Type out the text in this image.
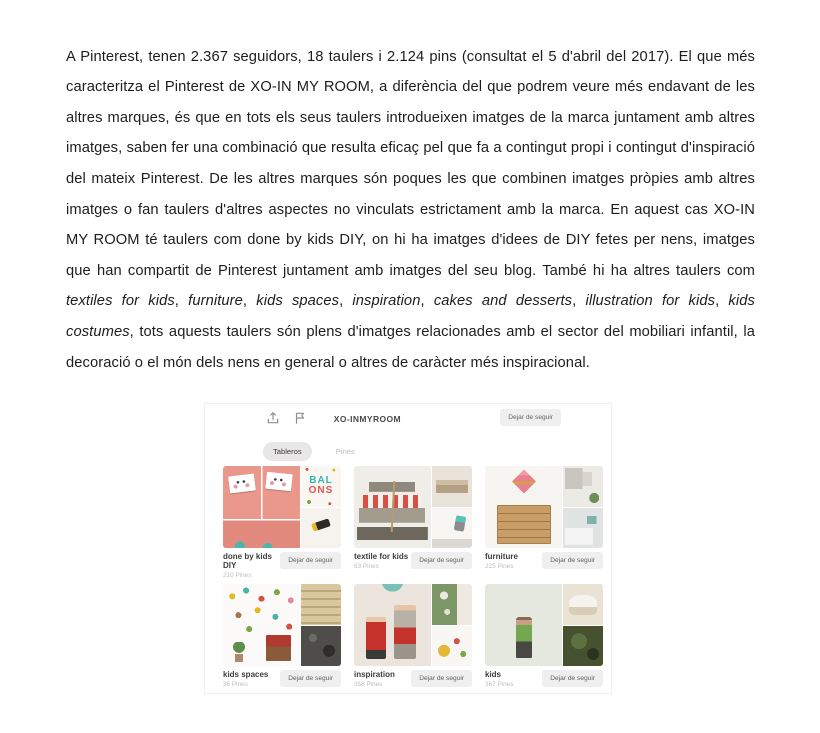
A Pinterest, tenen 2.367 seguidors, 18 taulers i 2.124 pins (consultat el 5 d'abril del 2017). El que més caracteritza el Pinterest de XO-IN MY ROOM, a diferència del que podrem veure més endavant de les altres marques, és que en tots els seus taulers introdueixen imatges de la marca juntament amb altres imatges, saben fer una combinació que resulta eficaç pel que fa a contingut propi i contingut d'inspiració del mateix Pinterest. De les altres marques són poques les que combinen imatges pròpies amb altres imatges o fan taulers d'altres aspectes no vinculats estrictament amb la marca. En aquest cas XO-IN MY ROOM té taulers com done by kids DIY, on hi ha imatges d'idees de DIY fetes per nens, imatges que han compartit de Pinterest juntament amb imatges del seu blog. També hi ha altres taulers com textiles for kids, furniture, kids spaces, inspiration, cakes and desserts, illustration for kids, kids costumes, tots aquests taulers són plens d'imatges relacionades amb el sector del mobiliari infantil, la decoració o el món dels nens en general o altres de caràcter més inspiracional.

XO-INMYROOM	Dejar de seguir
Tableros	Pines
BAL
ONS
done by kids DIY
210 Pines
Dejar de seguir	textile for kids
63 Pines
Dejar de seguir	furniture
225 Pines
Dejar de seguir
kids spaces
36 Pines
Dejar de seguir	inspiration
358 Pines
Dejar de seguir	kids
367 Pines
Dejar de seguir
